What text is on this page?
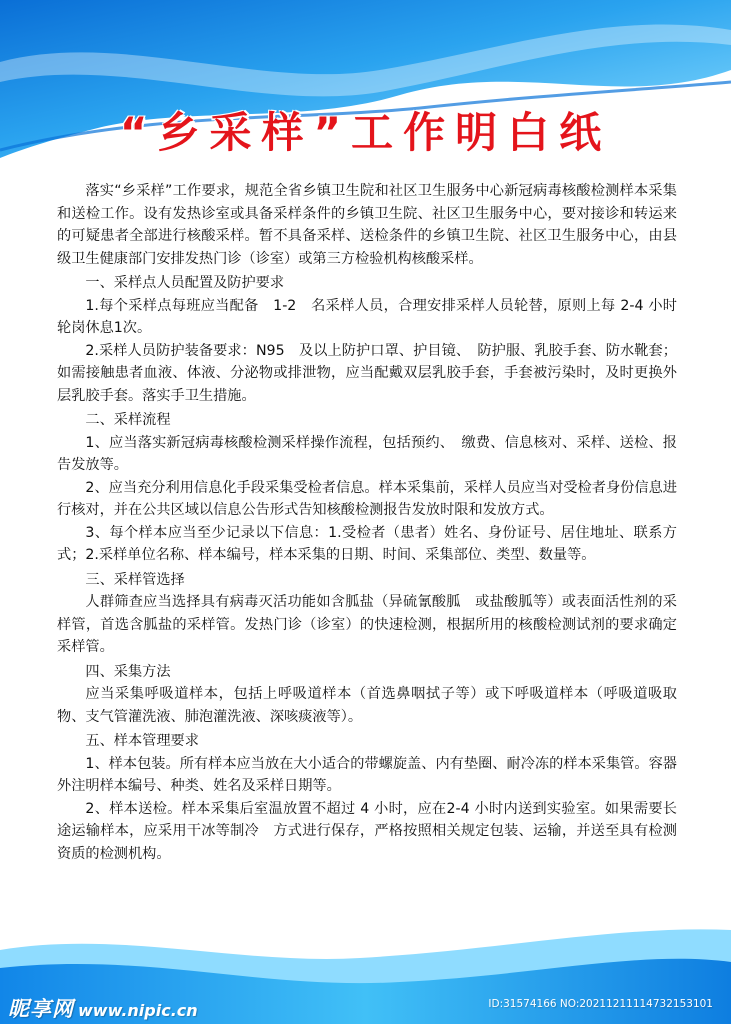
“乡采样”工作明白纸

落实“乡采样”工作要求，规范全省乡镇卫生院和社区卫生服务中心新冠病毒核酸检测样本采集和送检工作。设有发热诊室或具备采样条件的乡镇卫生院、社区卫生服务中心，要对接诊和转运来的可疑患者全部进行核酸采样。暂不具备采样、送检条件的乡镇卫生院、社区卫生服务中心，由县级卫生健康部门安排发热门诊（诊室）或第三方检验机构核酸采样。

一、采样点人员配置及防护要求

1.每个采样点每班应当配备　1-2　名采样人员，合理安排采样人员轮替，原则上每 2-4 小时轮岗休息1次。

2.采样人员防护装备要求：N95　及以上防护口罩、护目镜、　防护服、乳胶手套、防水靴套；如需接触患者血液、体液、分泌物或排泄物，应当配戴双层乳胶手套，手套被污染时，及时更换外层乳胶手套。落实手卫生措施。

二、采样流程

1、应当落实新冠病毒核酸检测采样操作流程，包括预约、　缴费、信息核对、采样、送检、报告发放等。

2、应当充分利用信息化手段采集受检者信息。样本采集前，采样人员应当对受检者身份信息进行核对，并在公共区域以信息公告形式告知核酸检测报告发放时限和发放方式。

3、每个样本应当至少记录以下信息：1.受检者（患者）姓名、身份证号、居住地址、联系方式；2.采样单位名称、样本编号，样本采集的日期、时间、采集部位、类型、数量等。

三、采样管选择

人群筛查应当选择具有病毒灭活功能如含胍盐（异硫氰酸胍　或盐酸胍等）或表面活性剂的采样管，首选含胍盐的采样管。发热门诊（诊室）的快速检测，根据所用的核酸检测试剂的要求确定采样管。

四、采集方法

应当采集呼吸道样本，包括上呼吸道样本（首选鼻咽拭子等）或下呼吸道样本（呼吸道吸取物、支气管灌洗液、肺泡灌洗液、深咳痰液等）。

五、样本管理要求

1、样本包装。所有样本应当放在大小适合的带螺旋盖、内有垫圈、耐冷冻的样本采集管。容器外注明样本编号、种类、姓名及采样日期等。

2、样本送检。样本采集后室温放置不超过 4 小时，应在2-4 小时内送到实验室。如果需要长途运输样本，应采用干冰等制冷　方式进行保存，严格按照相关规定包装、运输，并送至具有检测资质的检测机构。

昵享网 www.nipic.cn	ID:31574166 NO:20211211114732153101
